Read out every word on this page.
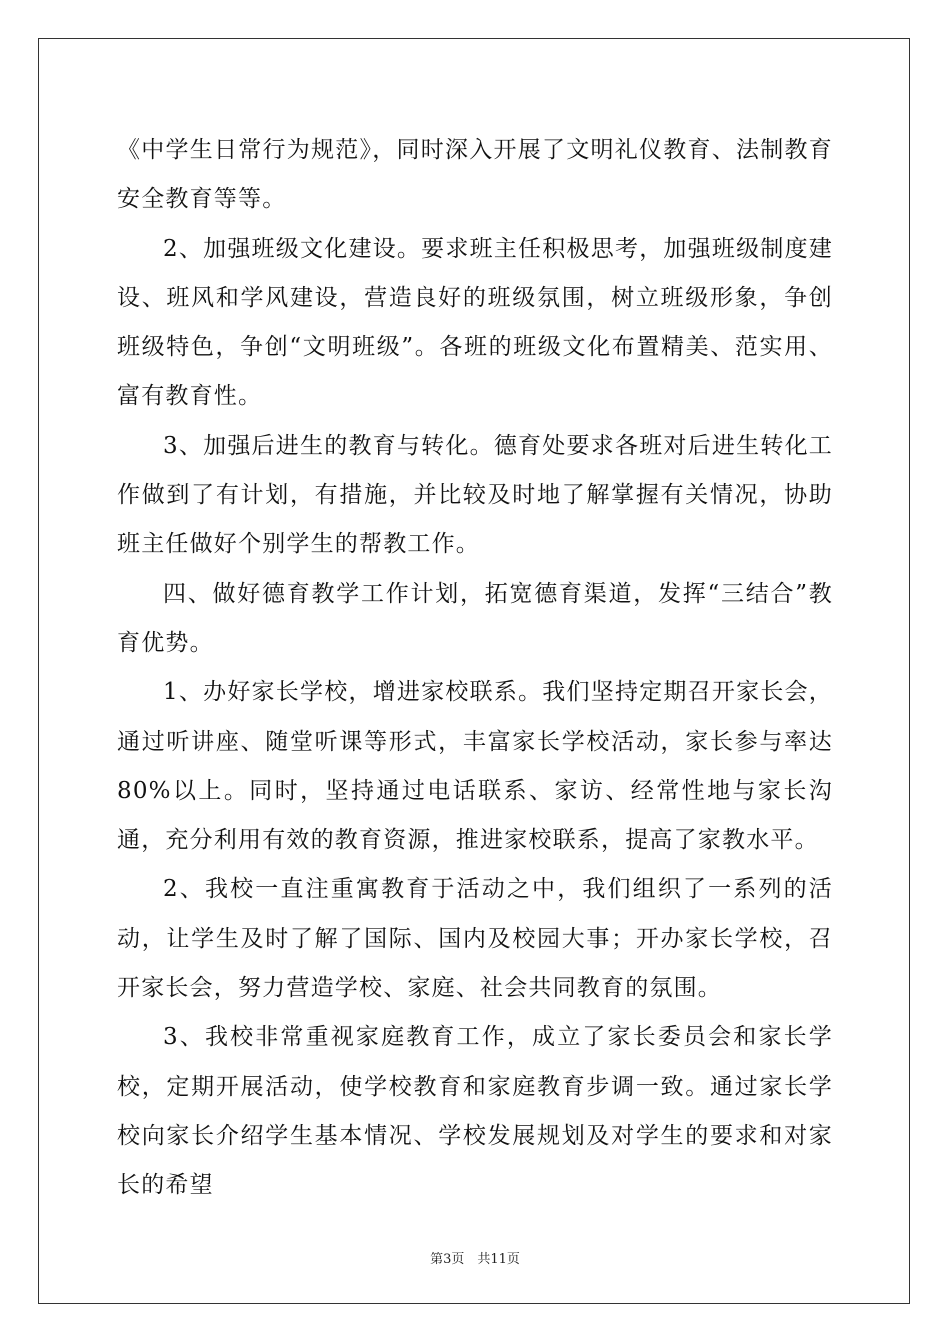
《中学生日常行为规范》，同时深入开展了文明礼仪教育、法制教育安全教育等等。

2、加强班级文化建设。要求班主任积极思考，加强班级制度建设、班风和学风建设，营造良好的班级氛围，树立班级形象，争创班级特色，争创“文明班级”。各班的班级文化布置精美、范实用、富有教育性。

3、加强后进生的教育与转化。德育处要求各班对后进生转化工作做到了有计划，有措施，并比较及时地了解掌握有关情况，协助班主任做好个别学生的帮教工作。

四、做好德育教学工作计划，拓宽德育渠道，发挥“三结合”教育优势。

1、办好家长学校，增进家校联系。我们坚持定期召开家长会，通过听讲座、随堂听课等形式，丰富家长学校活动，家长参与率达80%以上。同时，坚持通过电话联系、家访、经常性地与家长沟通，充分利用有效的教育资源，推进家校联系，提高了家教水平。

2、我校一直注重寓教育于活动之中，我们组织了一系列的活动，让学生及时了解了国际、国内及校园大事；开办家长学校，召开家长会，努力营造学校、家庭、社会共同教育的氛围。

3、我校非常重视家庭教育工作，成立了家长委员会和家长学校，定期开展活动，使学校教育和家庭教育步调一致。通过家长学校向家长介绍学生基本情况、学校发展规划及对学生的要求和对家长的希望

第3页　共11页
